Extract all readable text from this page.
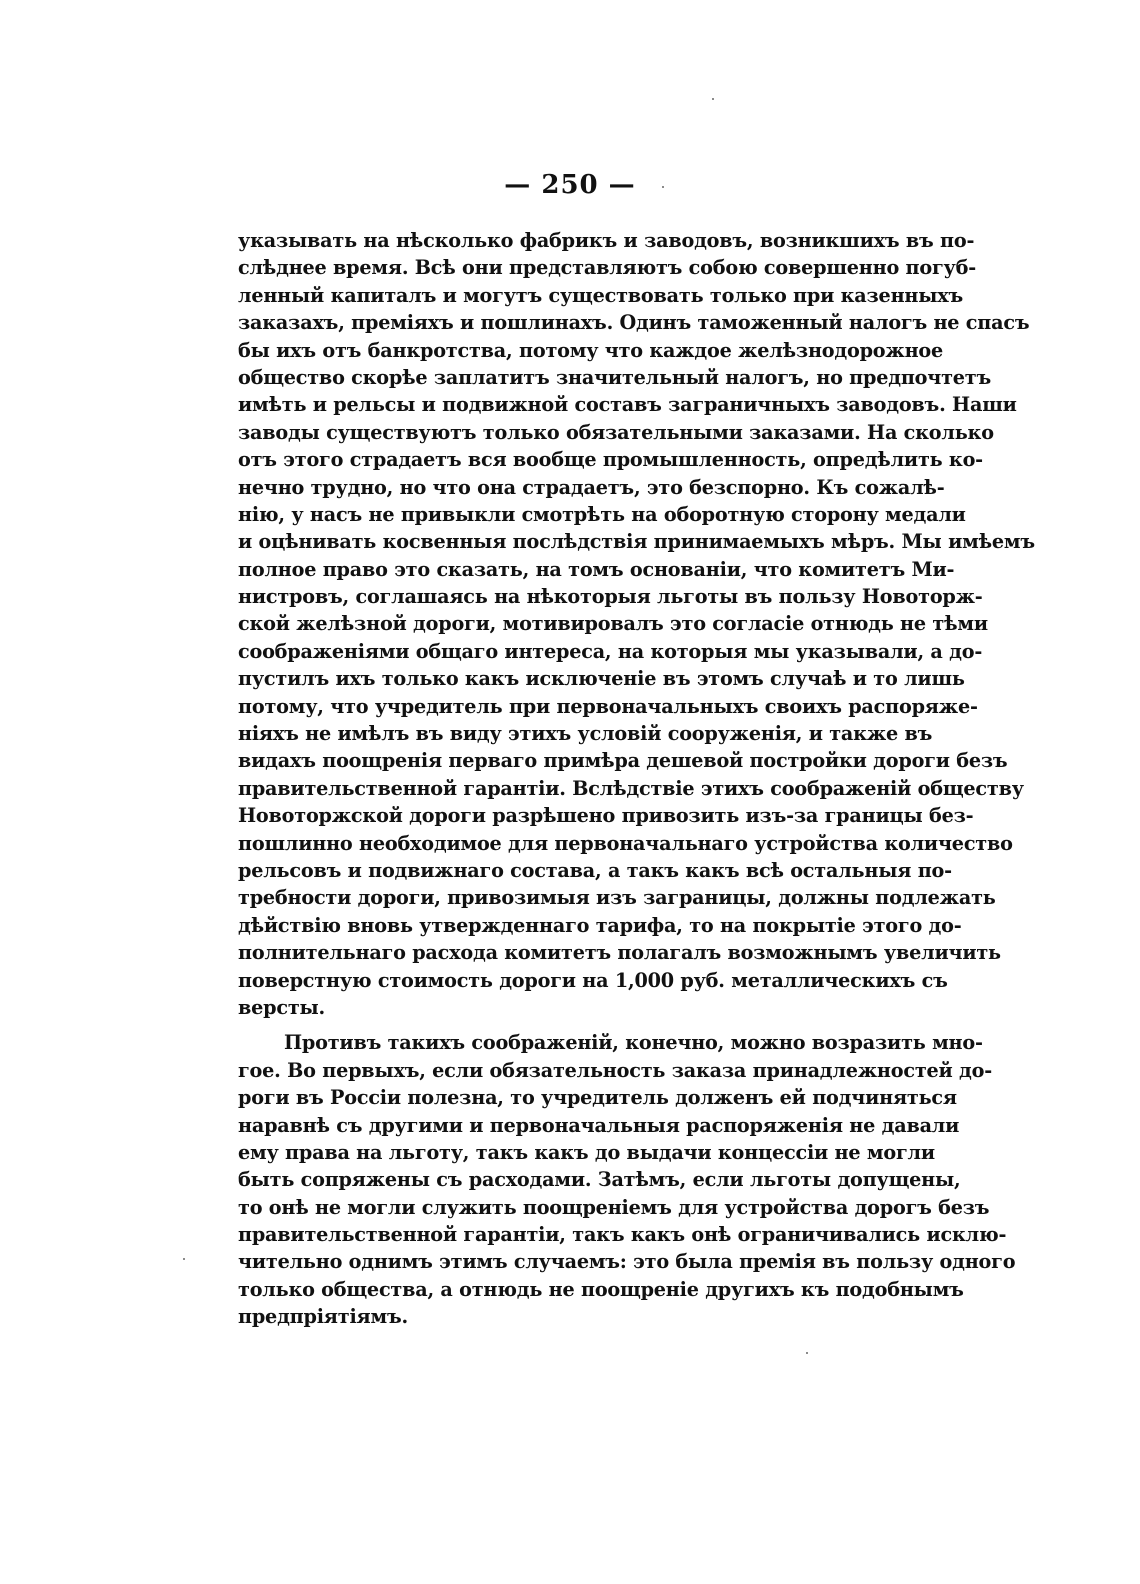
— 250 —
указывать на нѣсколько фабрикъ и заводовъ, возникшихъ въ по-
слѣднее время. Всѣ они представляютъ собою совершенно погуб-
ленный капиталъ и могутъ существовать только при казенныхъ
заказахъ, преміяхъ и пошлинахъ. Одинъ таможенный налогъ не спасъ
бы ихъ отъ банкротства, потому что каждое желѣзнодорожное
общество скорѣе заплатитъ значительный налогъ, но предпочтетъ
имѣть и рельсы и подвижной составъ заграничныхъ заводовъ. Наши
заводы существуютъ только обязательными заказами. На сколько
отъ этого страдаетъ вся вообще промышленность, опредѣлить ко-
нечно трудно, но что она страдаетъ, это безспорно. Къ сожалѣ-
нію, у насъ не привыкли смотрѣть на оборотную сторону медали
и оцѣнивать косвенныя послѣдствія принимаемыхъ мѣръ. Мы имѣемъ
полное право это сказать, на томъ основаніи, что комитетъ Ми-
нистровъ, соглашаясь на нѣкоторыя льготы въ пользу Новоторж-
ской желѣзной дороги, мотивировалъ это согласіе отнюдь не тѣми
соображеніями общаго интереса, на которыя мы указывали, а до-
пустилъ ихъ только какъ исключеніе въ этомъ случаѣ и то лишь
потому, что учредитель при первоначальныхъ своихъ распоряже-
ніяхъ не имѣлъ въ виду этихъ условій сооруженія, и также въ
видахъ поощренія перваго примѣра дешевой постройки дороги безъ
правительственной гарантіи. Вслѣдствіе этихъ соображеній обществу
Новоторжской дороги разрѣшено привозить изъ-за границы без-
пошлинно необходимое для первоначальнаго устройства количество
рельсовъ и подвижнаго состава, а такъ какъ всѣ остальныя по-
требности дороги, привозимыя изъ заграницы, должны подлежать
дѣйствію вновь утвержденнаго тарифа, то на покрытіе этого до-
полнительнаго расхода комитетъ полагалъ возможнымъ увеличить
поверстную стоимость дороги на 1,000 руб. металлическихъ съ
версты.
Противъ такихъ соображеній, конечно, можно возразить мно-
гое. Во первыхъ, если обязательность заказа принадлежностей до-
роги въ Россіи полезна, то учредитель долженъ ей подчиняться
наравнѣ съ другими и первоначальныя распоряженія не давали
ему права на льготу, такъ какъ до выдачи концессіи не могли
быть сопряжены съ расходами. Затѣмъ, если льготы допущены,
то онѣ не могли служить поощреніемъ для устройства дорогъ безъ
правительственной гарантіи, такъ какъ онѣ ограничивались исклю-
чительно однимъ этимъ случаемъ: это была премія въ пользу одного
только общества, а отнюдь не поощреніе другихъ къ подобнымъ
предпріятіямъ.
